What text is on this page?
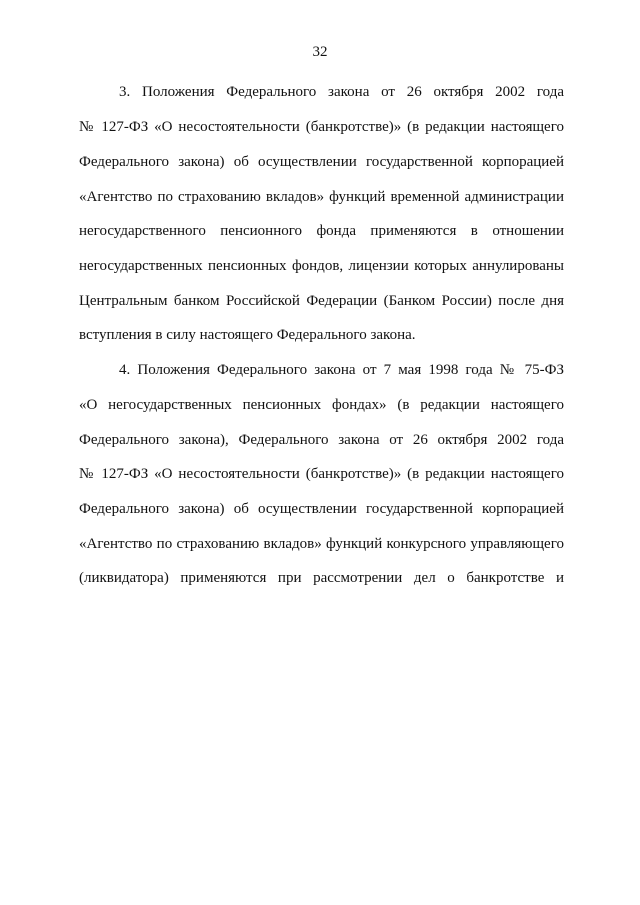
32
3. Положения Федерального закона от 26 октября 2002 года
№ 127-ФЗ «О несостоятельности (банкротстве)» (в редакции настоящего
Федерального закона) об осуществлении государственной корпорацией
«Агентство по страхованию вкладов» функций временной администрации
негосударственного пенсионного фонда применяются в отношении
негосударственных пенсионных фондов, лицензии которых аннулированы
Центральным банком Российской Федерации (Банком России) после дня
вступления в силу настоящего Федерального закона.
4. Положения Федерального закона от 7 мая 1998 года № 75-ФЗ
«О негосударственных пенсионных фондах» (в редакции настоящего
Федерального закона), Федерального закона от 26 октября 2002 года
№ 127-ФЗ «О несостоятельности (банкротстве)» (в редакции настоящего
Федерального закона) об осуществлении государственной корпорацией
«Агентство по страхованию вкладов» функций конкурсного управляющего
(ликвидатора) применяются при рассмотрении дел о банкротстве и
